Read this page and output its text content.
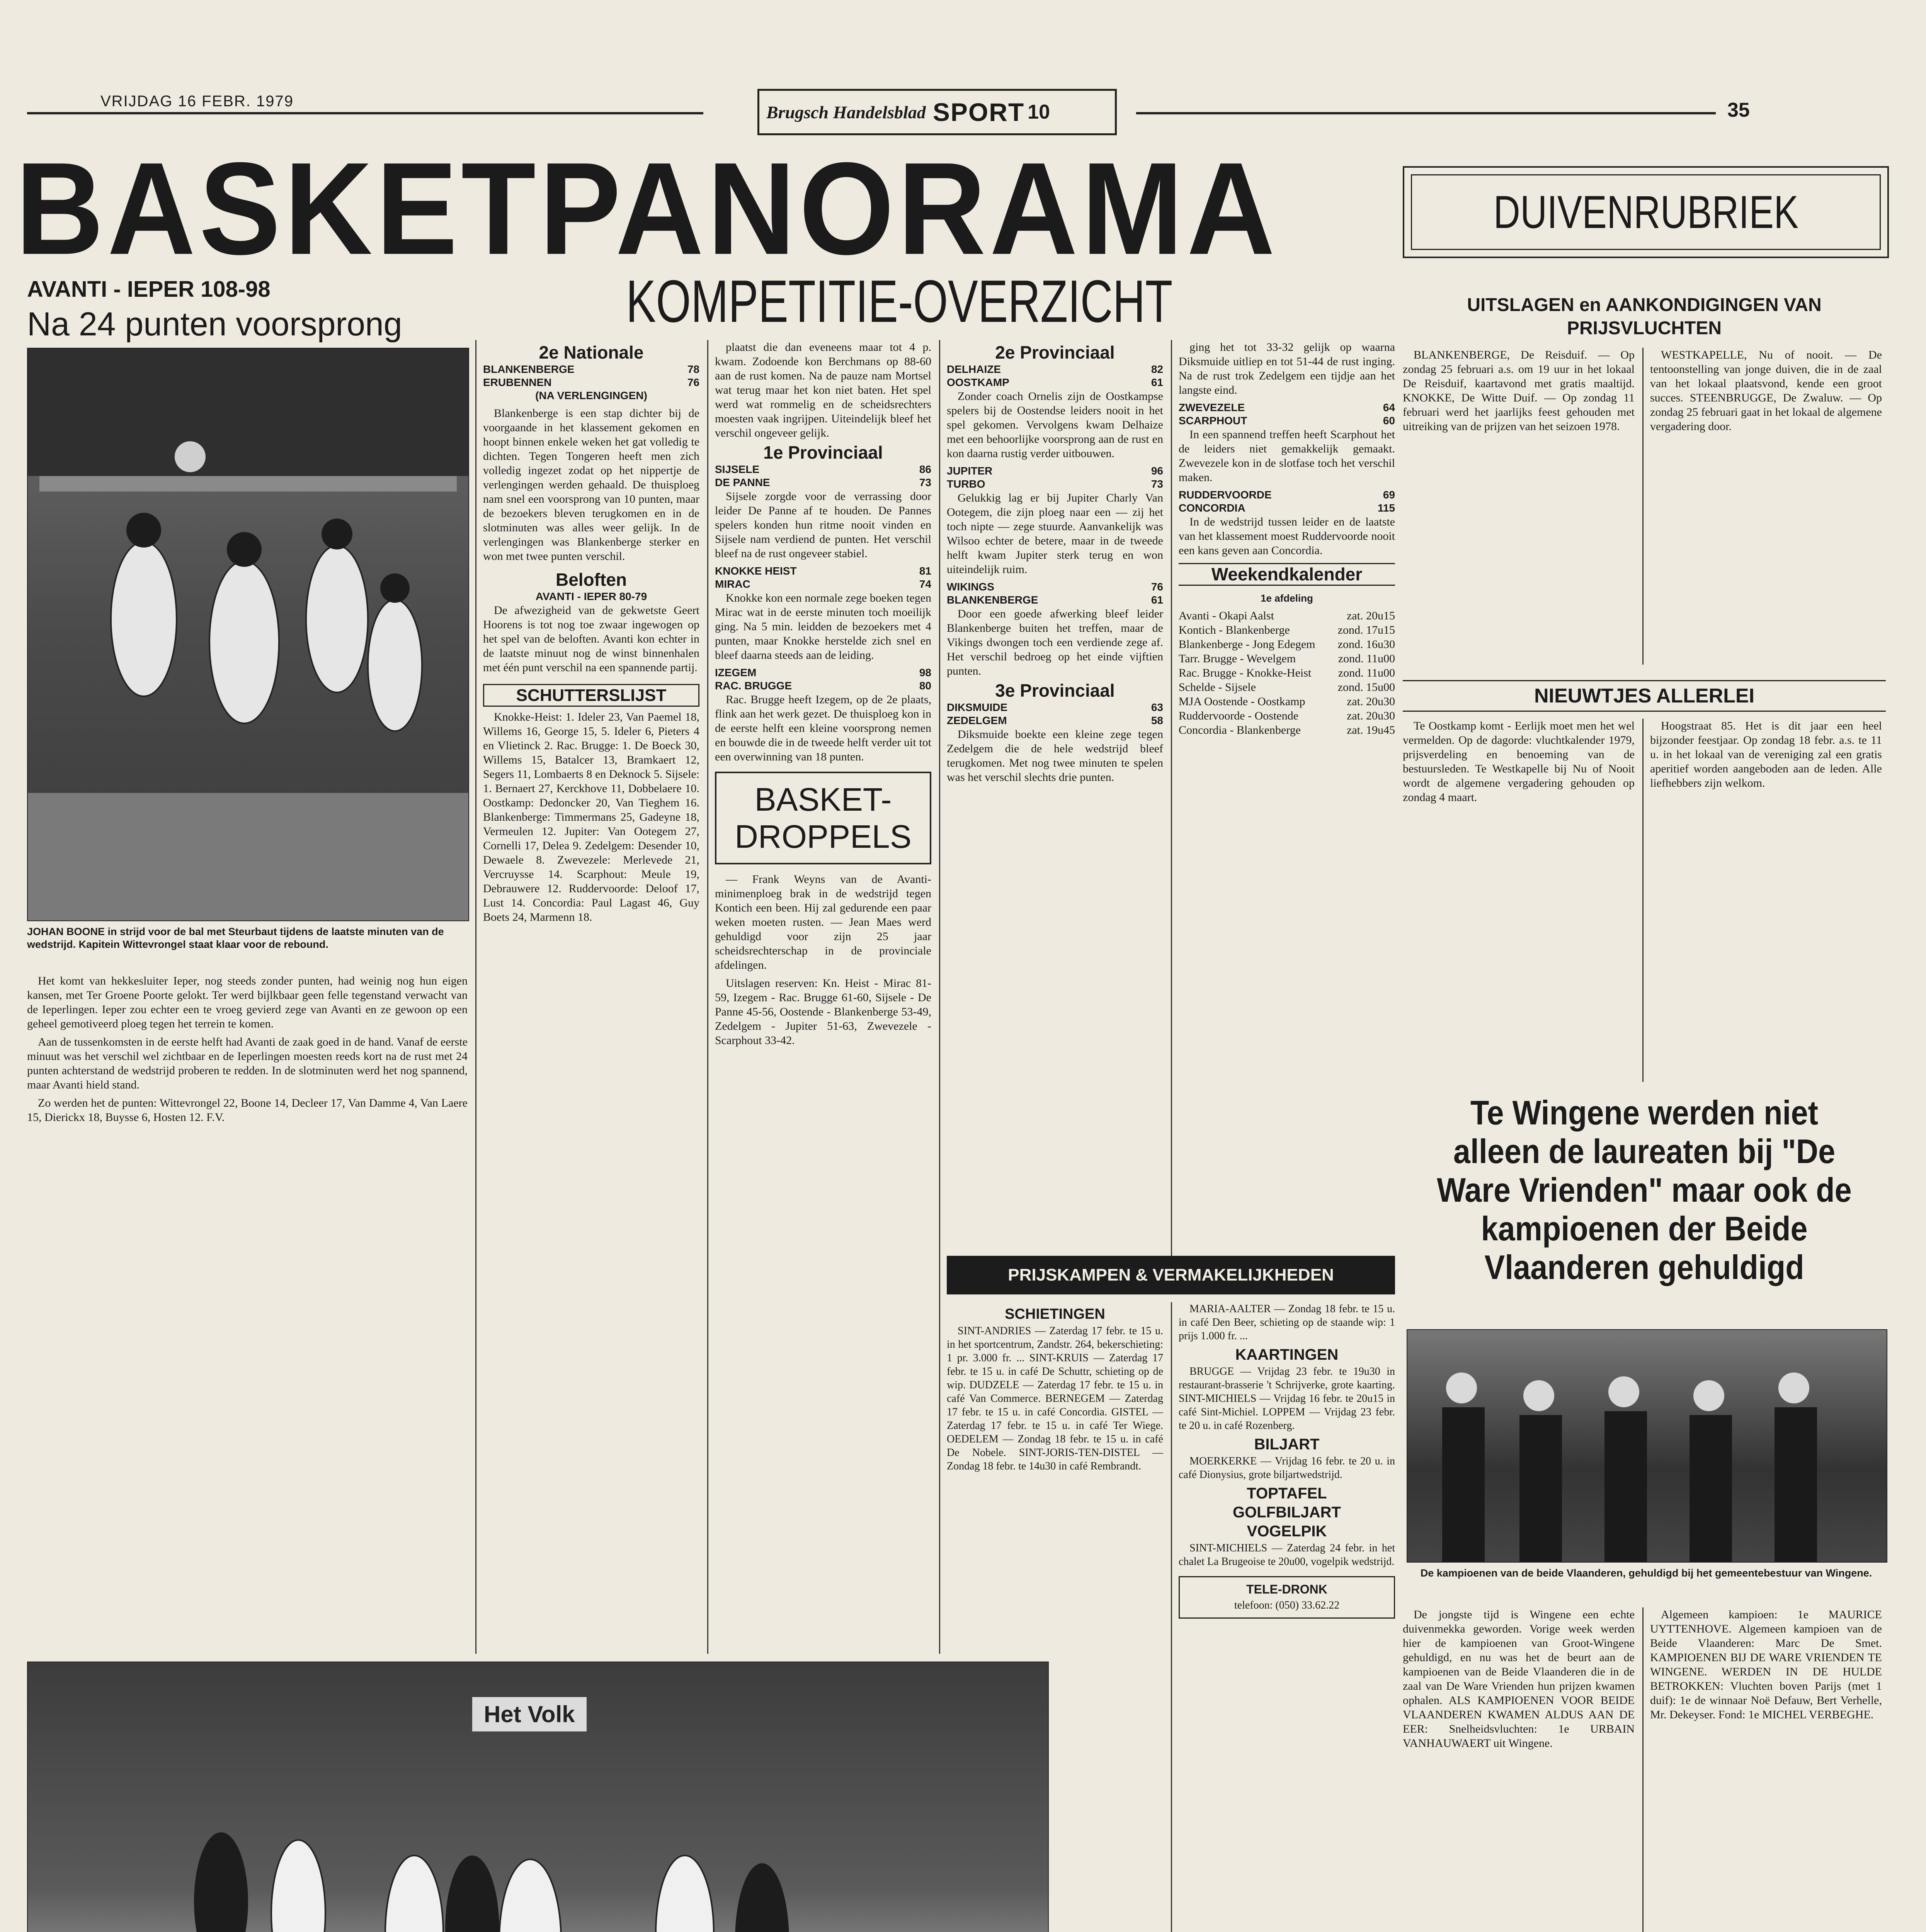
VRIJDAG 16 FEBR. 1979
Brugsch Handelsblad SPORT 10	35
BASKETPANORAMA
KOMPETITIE-OVERZICHT
AVANTI - IEPER 108-98
Na 24 punten voorsprong
JOHAN BOONE in strijd voor de bal met Steurbaut tijdens de laatste minuten van de wedstrijd. Kapitein Wittevrongel staat klaar voor de rebound.

Het komt van hekkesluiter Ieper, nog steeds zonder punten, had weinig nog hun eigen kansen, met Ter Groene Poorte gelokt. Ter werd bijlkbaar geen felle tegenstand verwacht van de Ieperlingen. Ieper zou echter een te vroeg gevierd zege van Avanti en ze gewoon op een geheel gemotiveerd ploeg tegen het terrein te komen.

Aan de tussenkomsten in de eerste helft had Avanti de zaak goed in de hand. Vanaf de eerste minuut was het verschil wel zichtbaar en de Ieperlingen moesten reeds kort na de rust met 24 punten achterstand de wedstrijd proberen te redden. In de slotminuten werd het nog spannend, maar Avanti hield stand.

Zo werden het de punten: Wittevrongel 22, Boone 14, Decleer 17, Van Damme 4, Van Laere 15, Dierickx 18, Buysse 6, Hosten 12. F.V.

Het Volk
2e Nationale
BLANKENBERGE	78
ERUBENNEN	76
(NA VERLENGINGEN)

Blankenberge is een stap dichter bij de voorgaande in het klassement gekomen en hoopt binnen enkele weken het gat volledig te dichten. Tegen Tongeren heeft men zich volledig ingezet zodat op het nippertje de verlengingen werden gehaald. De thuisploeg nam snel een voorsprong van 10 punten, maar de bezoekers bleven terugkomen en in de slotminuten was alles weer gelijk. In de verlengingen was Blankenberge sterker en won met twee punten verschil.

Beloften
AVANTI - IEPER 80-79

De afwezigheid van de gekwetste Geert Hoorens is tot nog toe zwaar ingewogen op het spel van de beloften. Avanti kon echter in de laatste minuut nog de winst binnenhalen met één punt verschil na een spannende partij.

SCHUTTERSLIJST

Knokke-Heist: 1. Ideler 23, Van Paemel 18, Willems 16, George 15, 5. Ideler 6, Pieters 4 en Vlietinck 2. Rac. Brugge: 1. De Boeck 30, Willems 15, Batalcer 13, Bramkaert 12, Segers 11, Lombaerts 8 en Deknock 5. Sijsele: 1. Bernaert 27, Kerckhove 11, Dobbelaere 10. Oostkamp: Dedoncker 20, Van Tieghem 16. Blankenberge: Timmermans 25, Gadeyne 18, Vermeulen 12. Jupiter: Van Ootegem 27, Cornelli 17, Delea 9. Zedelgem: Desender 10, Dewaele 8. Zwevezele: Merlevede 21, Vercruysse 14. Scarphout: Meule 19, Debrauwere 12. Ruddervoorde: Deloof 17, Lust 14. Concordia: Paul Lagast 46, Guy Boets 24, Marmenn 18.

plaatst die dan eveneens maar tot 4 p. kwam. Zodoende kon Berchmans op 88-60 aan de rust komen. Na de pauze nam Mortsel wat terug maar het kon niet baten. Het spel werd wat rommelig en de scheidsrechters moesten vaak ingrijpen. Uiteindelijk bleef het verschil ongeveer gelijk.

1e Provinciaal
SIJSELE	86
DE PANNE	73

Sijsele zorgde voor de verrassing door leider De Panne af te houden. De Pannes spelers konden hun ritme nooit vinden en Sijsele nam verdiend de punten. Het verschil bleef na de rust ongeveer stabiel.

KNOKKE HEIST	81
MIRAC	74

Knokke kon een normale zege boeken tegen Mirac wat in de eerste minuten toch moeilijk ging. Na 5 min. leidden de bezoekers met 4 punten, maar Knokke herstelde zich snel en bleef daarna steeds aan de leiding.

IZEGEM	98
RAC. BRUGGE	80

Rac. Brugge heeft Izegem, op de 2e plaats, flink aan het werk gezet. De thuisploeg kon in de eerste helft een kleine voorsprong nemen en bouwde die in de tweede helft verder uit tot een overwinning van 18 punten.

BASKET- DROPPELS

— Frank Weyns van de Avanti-minimenploeg brak in de wedstrijd tegen Kontich een been. Hij zal gedurende een paar weken moeten rusten. — Jean Maes werd gehuldigd voor zijn 25 jaar scheidsrechterschap in de provinciale afdelingen.

Uitslagen reserven: Kn. Heist - Mirac 81-59, Izegem - Rac. Brugge 61-60, Sijsele - De Panne 45-56, Oostende - Blankenberge 53-49, Zedelgem - Jupiter 51-63, Zwevezele - Scarphout 33-42.

2e Provinciaal
DELHAIZE	82
OOSTKAMP	61

Zonder coach Ornelis zijn de Oostkampse spelers bij de Oostendse leiders nooit in het spel gekomen. Vervolgens kwam Delhaize met een behoorlijke voorsprong aan de rust en kon daarna rustig verder uitbouwen.

JUPITER	96
TURBO	73

Gelukkig lag er bij Jupiter Charly Van Ootegem, die zijn ploeg naar een — zij het toch nipte — zege stuurde. Aanvankelijk was Wilsoo echter de betere, maar in de tweede helft kwam Jupiter sterk terug en won uiteindelijk ruim.

WIKINGS	76
BLANKENBERGE	61

Door een goede afwerking bleef leider Blankenberge buiten het treffen, maar de Vikings dwongen toch een verdiende zege af. Het verschil bedroeg op het einde vijftien punten.

3e Provinciaal
DIKSMUIDE	63
ZEDELGEM	58

Diksmuide boekte een kleine zege tegen Zedelgem die de hele wedstrijd bleef terugkomen. Met nog twee minuten te spelen was het verschil slechts drie punten.

ging het tot 33-32 gelijk op waarna Diksmuide uitliep en tot 51-44 de rust inging. Na de rust trok Zedelgem een tijdje aan het langste eind.

ZWEVEZELE	64
SCARPHOUT	60

In een spannend treffen heeft Scarphout het de leiders niet gemakkelijk gemaakt. Zwevezele kon in de slotfase toch het verschil maken.

RUDDERVOORDE	69
CONCORDIA	115

In de wedstrijd tussen leider en de laatste van het klassement moest Ruddervoorde nooit een kans geven aan Concordia.

Weekendkalender
1e afdeling
Avanti - Okapi Aalst	zat. 20u15
Kontich - Blankenberge	zond. 17u15
Blankenberge - Jong Edegem zond. 16u30
Tarr. Brugge - Wevelgem	zond. 11u00
Rac. Brugge - Knokke-Heist zond. 11u00
Schelde - Sijsele	zond. 15u00
MJA Oostende - Oostkamp	zat. 20u30
Ruddervoorde - Oostende	zat. 20u30
Concordia - Blankenberge	zat. 19u45
PRIJSKAMPEN & VERMAKELIJKHEDEN
SCHIETINGEN

SINT-ANDRIES — Zaterdag 17 febr. te 15 u. in het sportcentrum, Zandstr. 264, bekerschieting: 1 pr. 3.000 fr. ... SINT-KRUIS — Zaterdag 17 febr. te 15 u. in café De Schuttr, schieting op de wip. DUDZELE — Zaterdag 17 febr. te 15 u. in café Van Commerce. BERNEGEM — Zaterdag 17 febr. te 15 u. in café Concordia. GISTEL — Zaterdag 17 febr. te 15 u. in café Ter Wiege. OEDELEM — Zondag 18 febr. te 15 u. in café De Nobele. SINT-JORIS-TEN-DISTEL — Zondag 18 febr. te 14u30 in café Rembrandt.

MARIA-AALTER — Zondag 18 febr. te 15 u. in café Den Beer, schieting op de staande wip: 1 prijs 1.000 fr. ...

KAARTINGEN

BRUGGE — Vrijdag 23 febr. te 19u30 in restaurant-brasserie 't Schrijverke, grote kaarting. SINT-MICHIELS — Vrijdag 16 febr. te 20u15 in café Sint-Michiel. LOPPEM — Vrijdag 23 febr. te 20 u. in café Rozenberg.

BILJART

MOERKERKE — Vrijdag 16 febr. te 20 u. in café Dionysius, grote biljartwedstrijd.

TOPTAFEL
GOLFBILJART
VOGELPIK

SINT-MICHIELS — Zaterdag 24 febr. in het chalet La Brugeoise te 20u00, vogelpik wedstrijd.

TELE-DRONK
telefoon: (050) 33.62.22

DUIVENRUBRIEK
UITSLAGEN en AANKONDIGINGEN VAN PRIJSVLUCHTEN

BLANKENBERGE, De Reisduif. — Op zondag 25 februari a.s. om 19 uur in het lokaal De Reisduif, kaartavond met gratis maaltijd. KNOKKE, De Witte Duif. — Op zondag 11 februari werd het jaarlijks feest gehouden met uitreiking van de prijzen van het seizoen 1978.

WESTKAPELLE, Nu of nooit. — De tentoonstelling van jonge duiven, die in de zaal van het lokaal plaatsvond, kende een groot succes. STEENBRUGGE, De Zwaluw. — Op zondag 25 februari gaat in het lokaal de algemene vergadering door.

NIEUWTJES ALLERLEI

Te Oostkamp komt - Eerlijk moet men het wel vermelden. Op de dagorde: vluchtkalender 1979, prijsverdeling en benoeming van de bestuursleden. Te Westkapelle bij Nu of Nooit wordt de algemene vergadering gehouden op zondag 4 maart.

Hoogstraat 85. Het is dit jaar een heel bijzonder feestjaar. Op zondag 18 febr. a.s. te 11 u. in het lokaal van de vereniging zal een gratis aperitief worden aangeboden aan de leden. Alle liefhebbers zijn welkom.

Te Wingene werden niet alleen de laureaten bij "De Ware Vrienden" maar ook de kampioenen der Beide Vlaanderen gehuldigd
De kampioenen van de beide Vlaanderen, gehuldigd bij het gemeentebestuur van Wingene.

De jongste tijd is Wingene een echte duivenmekka geworden. Vorige week werden hier de kampioenen van Groot-Wingene gehuldigd, en nu was het de beurt aan de kampioenen van de Beide Vlaanderen die in de zaal van De Ware Vrienden hun prijzen kwamen ophalen. ALS KAMPIOENEN VOOR BEIDE VLAANDEREN KWAMEN ALDUS AAN DE EER: Snelheidsvluchten: 1e URBAIN VANHAUWAERT uit Wingene.

Algemeen kampioen: 1e MAURICE UYTTENHOVE. Algemeen kampioen van de Beide Vlaanderen: Marc De Smet. KAMPIOENEN BIJ DE WARE VRIENDEN TE WINGENE. WERDEN IN DE HULDE BETROKKEN: Vluchten boven Parijs (met 1 duif): 1e de winnaar Noë Defauw, Bert Verhelle, Mr. Dekeyser. Fond: 1e MICHEL VERBEGHE.
